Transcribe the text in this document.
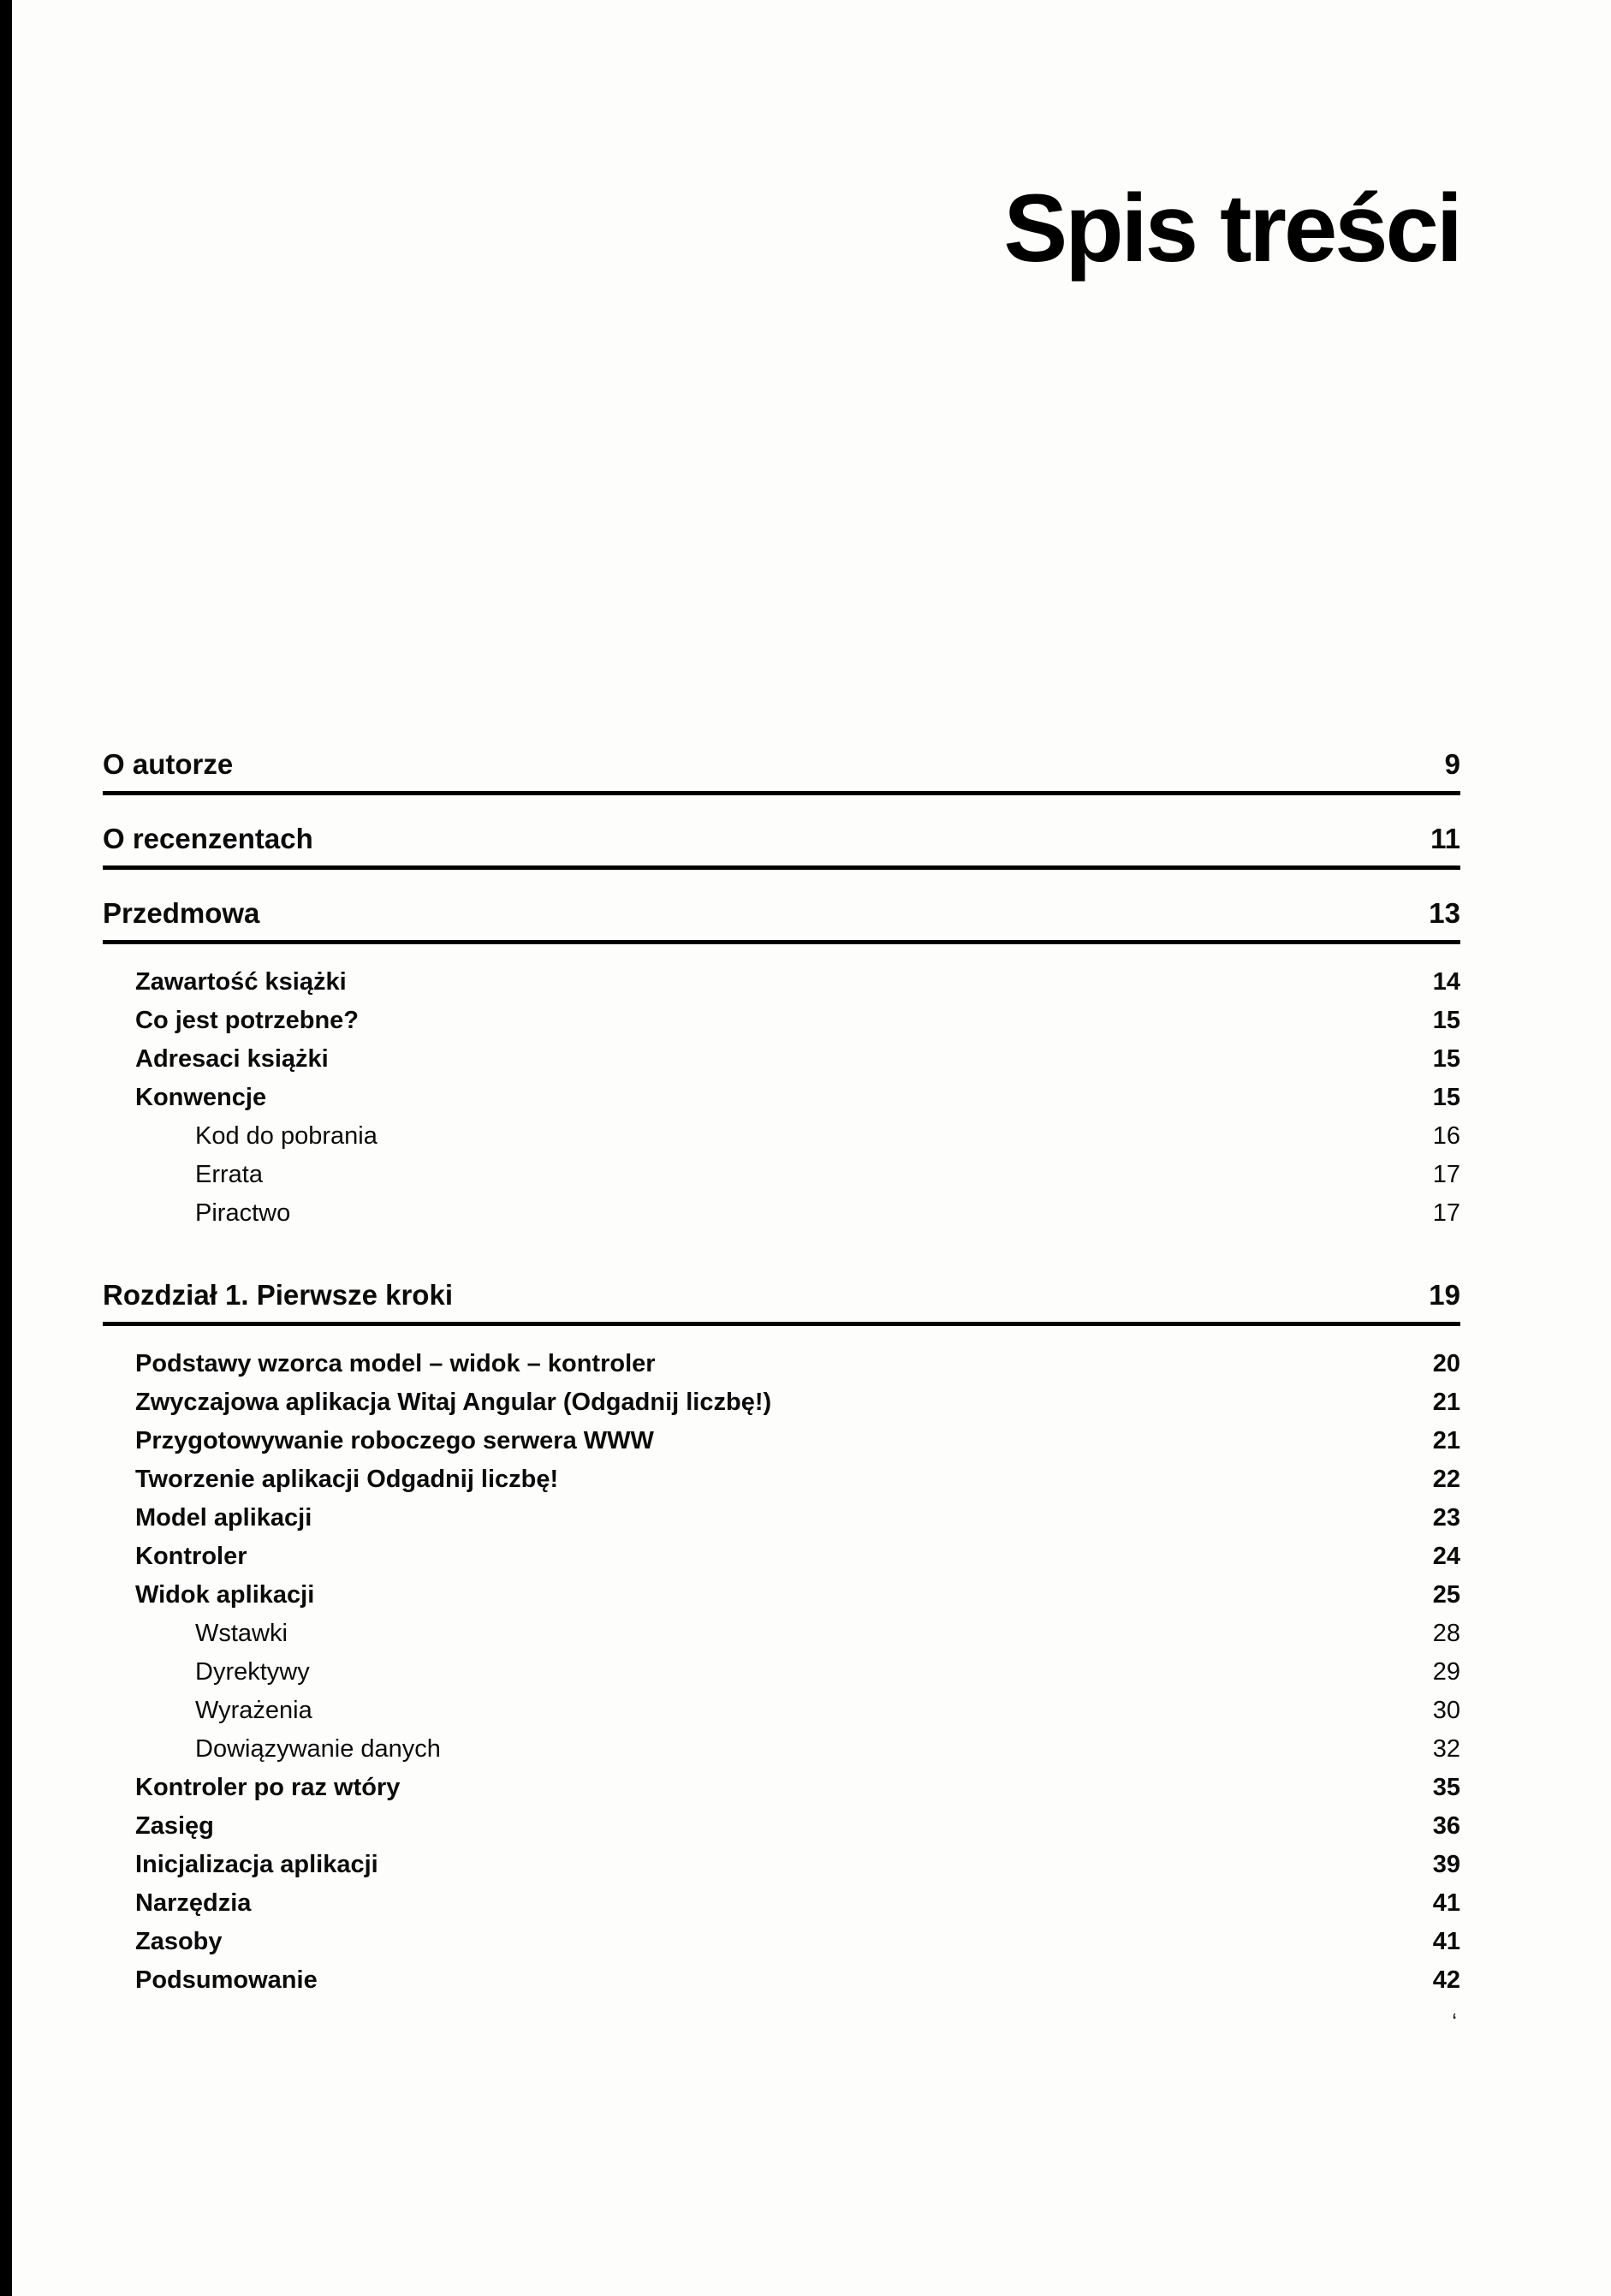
Spis treści
O autorze	9
O recenzentach	11
Przedmowa	13
Zawartość książki	14
Co jest potrzebne?	15
Adresaci książki	15
Konwencje	15
Kod do pobrania	16
Errata	17
Piractwo	17
Rozdział 1. Pierwsze kroki	19
Podstawy wzorca model – widok – kontroler	20
Zwyczajowa aplikacja Witaj Angular (Odgadnij liczbę!)	21
Przygotowywanie roboczego serwera WWW	21
Tworzenie aplikacji Odgadnij liczbę!	22
Model aplikacji	23
Kontroler	24
Widok aplikacji	25
Wstawki	28
Dyrektywy	29
Wyrażenia	30
Dowiązywanie danych	32
Kontroler po raz wtóry	35
Zasięg	36
Inicjalizacja aplikacji	39
Narzędzia	41
Zasoby	41
Podsumowanie	42
‘
